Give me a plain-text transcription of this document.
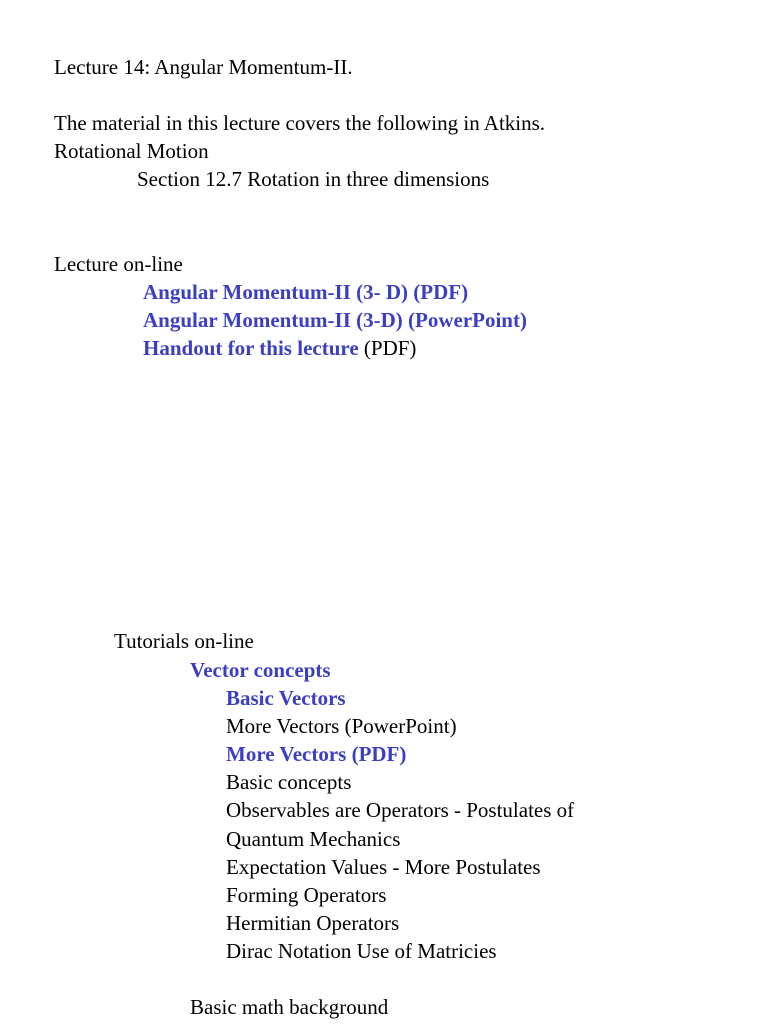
Lecture 14: Angular Momentum-II.
The material in this lecture covers the following in Atkins.
Rotational Motion
Section 12.7 Rotation in three dimensions
Lecture on-line
Angular Momentum-II (3- D) (PDF)
Angular Momentum-II (3-D) (PowerPoint)
Handout for this lecture (PDF)
Tutorials on-line
Vector concepts
Basic Vectors
More Vectors (PowerPoint)
More Vectors (PDF)
Basic concepts
Observables are Operators - Postulates of
Quantum Mechanics
Expectation Values - More Postulates
Forming Operators
Hermitian Operators
Dirac Notation Use of Matricies
Basic math background
